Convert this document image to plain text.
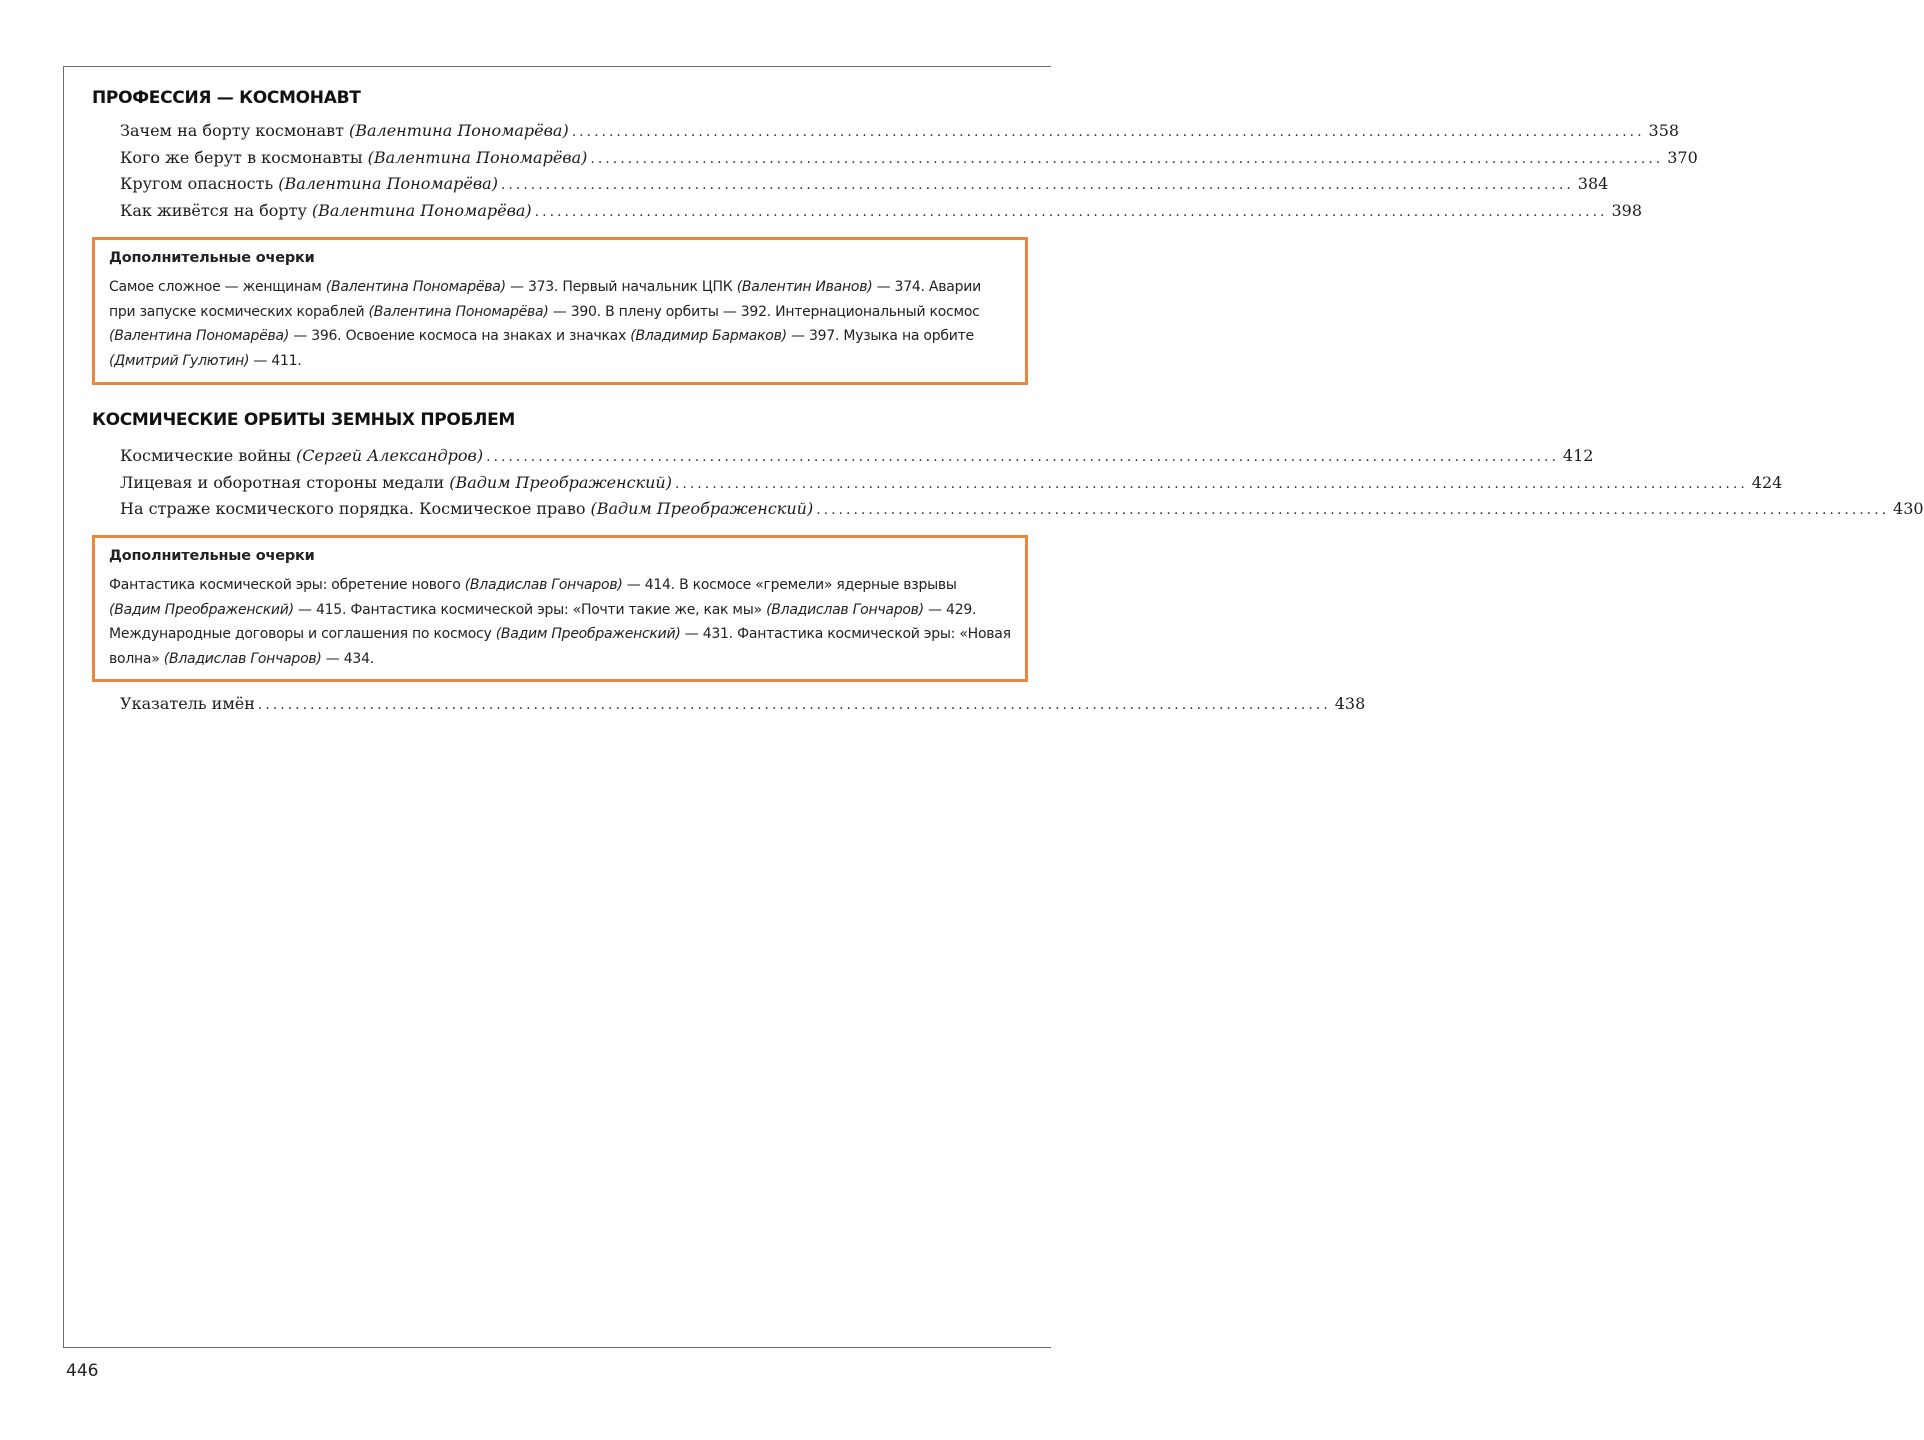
ПРОФЕССИЯ — КОСМОНАВТ
Зачем на борту космонавт (Валентина Пономарёва) ................................................................................................................................................ 358
Кого же берут в космонавты (Валентина Пономарёва) ................................................................................................................................................ 370
Кругом опасность (Валентина Пономарёва) ................................................................................................................................................ 384
Как живётся на борту (Валентина Пономарёва) ................................................................................................................................................ 398
Дополнительные очерки
Самое сложное — женщинам (Валентина Пономарёва) — 373. Первый начальник ЦПК (Валентин Иванов) — 374. Аварии при запуске космических кораблей (Валентина Пономарёва) — 390. В плену орбиты — 392. Интернациональный космос (Валентина Пономарёва) — 396. Освоение космоса на знаках и значках (Владимир Бармаков) — 397. Музыка на орбите (Дмитрий Гулютин) — 411.
КОСМИЧЕСКИЕ ОРБИТЫ ЗЕМНЫХ ПРОБЛЕМ
Космические войны (Сергей Александров) ................................................................................................................................................ 412
Лицевая и оборотная стороны медали (Вадим Преображенский) ................................................................................................................................................ 424
На страже космического порядка. Космическое право (Вадим Преображенский) ................................................................................................................................................ 430
Дополнительные очерки
Фантастика космической эры: обретение нового (Владислав Гончаров) — 414. В космосе «гремели» ядерные взрывы (Вадим Преображенский) — 415. Фантастика космической эры: «Почти такие же, как мы» (Владислав Гончаров) — 429. Международные договоры и соглашения по космосу (Вадим Преображенский) — 431. Фантастика космической эры: «Новая волна» (Владислав Гончаров) — 434.
Указатель имён ................................................................................................................................................ 438
446
